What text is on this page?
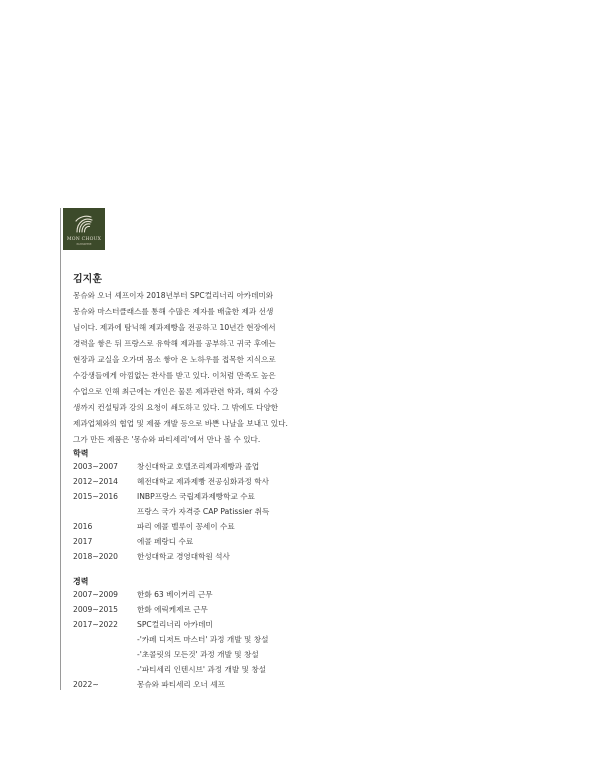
MON CHOUX
PATISSERIE
김지훈
몽슈와 오너 셰프이자 2018년부터 SPC컬리너리 아카데미와
몽슈와 마스터클래스를 통해 수많은 제자를 배출한 제과 선생
님이다. 제과에 탐닉해 제과제빵을 전공하고 10년간 현장에서
경력을 쌓은 뒤 프랑스로 유학해 제과를 공부하고 귀국 후에는
현장과 교실을 오가며 몸소 쌓아 온 노하우를 접목한 지식으로
수강생들에게 아낌없는 찬사를 받고 있다. 이처럼 만족도 높은
수업으로 인해 최근에는 개인은 물론 제과관련 학과, 해외 수강
생까지 컨설팅과 강의 요청이 쇄도하고 있다. 그 밖에도 다양한
제과업체와의 협업 및 제품 개발 등으로 바쁜 나날을 보내고 있다.
그가 만든 제품은 '몽슈와 파티세리'에서 만나 볼 수 있다.
학력
2003~2007 창신대학교 호텔조리제과제빵과 졸업
2012~2014 혜전대학교 제과제빵 전공심화과정 학사
2015~2016 INBP프랑스 국립제과제빵학교 수료
프랑스 국가 자격증 CAP Patissier 취득
2016	파리 에콜 벨루이 꽁세이 수료
2017	에콜 페랑디 수료
2018~2020 한성대학교 경영대학원 석사
경력
2007~2009 한화 63 베이커리 근무
2009~2015 한화 에릭케제르 근무
2017~2022 SPC컬리너리 아카데미
-'카페 디저트 마스터' 과정 개발 및 창설
-'초콜릿의 모든것' 과정 개발 및 창설
-'파티세리 인텐시브' 과정 개발 및 창설
2022~	몽슈와 파티세리 오너 셰프
